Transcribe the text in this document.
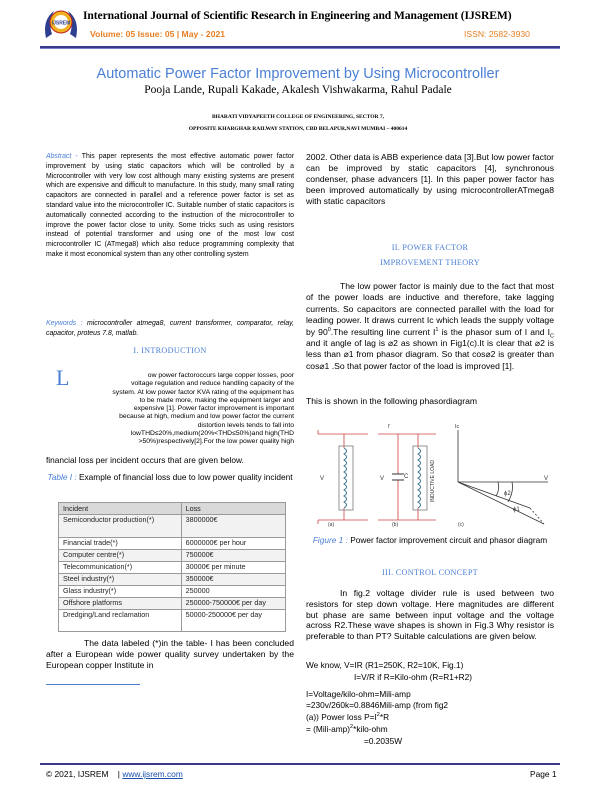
IJSREM
International Journal of Scientific Research in Engineering and Management (IJSREM)
Volume: 05 Issue: 05 | May - 2021	ISSN: 2582-3930
Automatic Power Factor Improvement by Using Microcontroller
Pooja Lande, Rupali Kakade, Akalesh Vishwakarma, Rahul Padale
BHARATI VIDYAPEETH COLLEGE OF ENGINEERING, SECTOR 7,
OPPOSITE KHARGHAR RAILWAY STATION, CBD BELAPUR,NAVI MUMBAI – 400614
Abstract - This paper represents the most effective automatic power factor improvement by using static capacitors which will be controlled by a Microcontroller with very low cost although many existing systems are present which are expensive and difficult to manufacture. In this study, many small rating capacitors are connected in parallel and a reference power factor is set as standard value into the microcontroller IC. Suitable number of static capacitors is automatically connected according to the instruction of the microcontroller to improve the power factor close to unity. Some tricks such as using resistors instead of potential transformer and using one of the most low cost microcontroller IC (ATmega8) which also reduce programming complexity that make it most economical system than any other controlling system
Keywords : microcontroller atmega8, current transformer, comparator, relay, capacitor, proteus 7.8, matlab.
I. INTRODUCTION
L	ow power factoroccurs large copper losses, poor
voltage regulation and reduce handling capacity of the
system. At low power factor KVA rating of the equipment has
to be made more, making the equipment larger and
expensive [1]. Power factor improvement is important
because at high, medium and low power factor the current
distortion levels tends to fall into
lowTHD≤20%,medium(20%<THD≤50%)and high(THD
>50%)respectively[2].For the low power quality high
financial loss per incident occurs that are given below.
Table I : Example of financial loss due to low power quality incident
Incident	Loss
Semiconductor production(*)	3800000€
Financial trade(*)	6000000€ per hour
Computer centre(*)	750000€
Telecommunication(*)	30000€ per minute
Steel industry(*)	350000€
Glass industry(*)	250000
Offshore platforms	250000-750000€ per day
Dredging/Land reclamation	50000-250000€ per day
The data labeled (*)in the table- I has been concluded after a European wide power quality survey undertaken by the European copper Institute in
2002. Other data is ABB experience data [3].But low power factor can be improved by static capacitors [4], synchronous condenser, phase advancers [1]. In this paper power factor has been improved automatically by using microcontrollerATmega8 with static capacitors
II. POWER FACTOR
IMPROVEMENT THEORY
The low power factor is mainly due to the fact that most of the power loads are inductive and therefore, take lagging currents. So capacitors are connected parallel with the load for leading power. It draws current Ic which leads the supply voltage by $90^0.The$ resulting line current $I^1$ is the phasor sum of I and $I_C$ and it angle of lag is ⌀2 as shown in Fig1(c).It is clear that ⌀2 is less than ⌀1 from phasor diagram. So that cos⌀2 is greater than cos⌀1 .So that power factor of the load is improved [1].
This is shown in the following phasordiagram
V
(a)
V
I'
C
(b)
INDUCTIVE LOAD
Ic
V
ϕ2
ϕ1
(c)
Figure 1 : Power factor improvement circuit and phasor diagram
III. CONTROL CONCEPT
In fig.2 voltage divider rule is used between two resistors for step down voltage. Here magnitudes are different but phase are same between input voltage and the voltage across R2.These wave shapes is shown in Fig.3 Why resistor is preferable to than PT? Suitable calculations are given below.
We know, V=IR (R1=250K, R2=10K, Fig.1)
I=V/R if R=Kilo-ohm (R=R1+R2)
I=Voltage/kilo-ohm=Mili-amp
=230v/260k=0.8846Mili-amp (from fig2
(a)) Power loss $P=I^2*R$
= (Mili-amp)$^2$*kilo-ohm
=0.2035W
© 2021, IJSREM    | www.ijsrem.com	Page 1
